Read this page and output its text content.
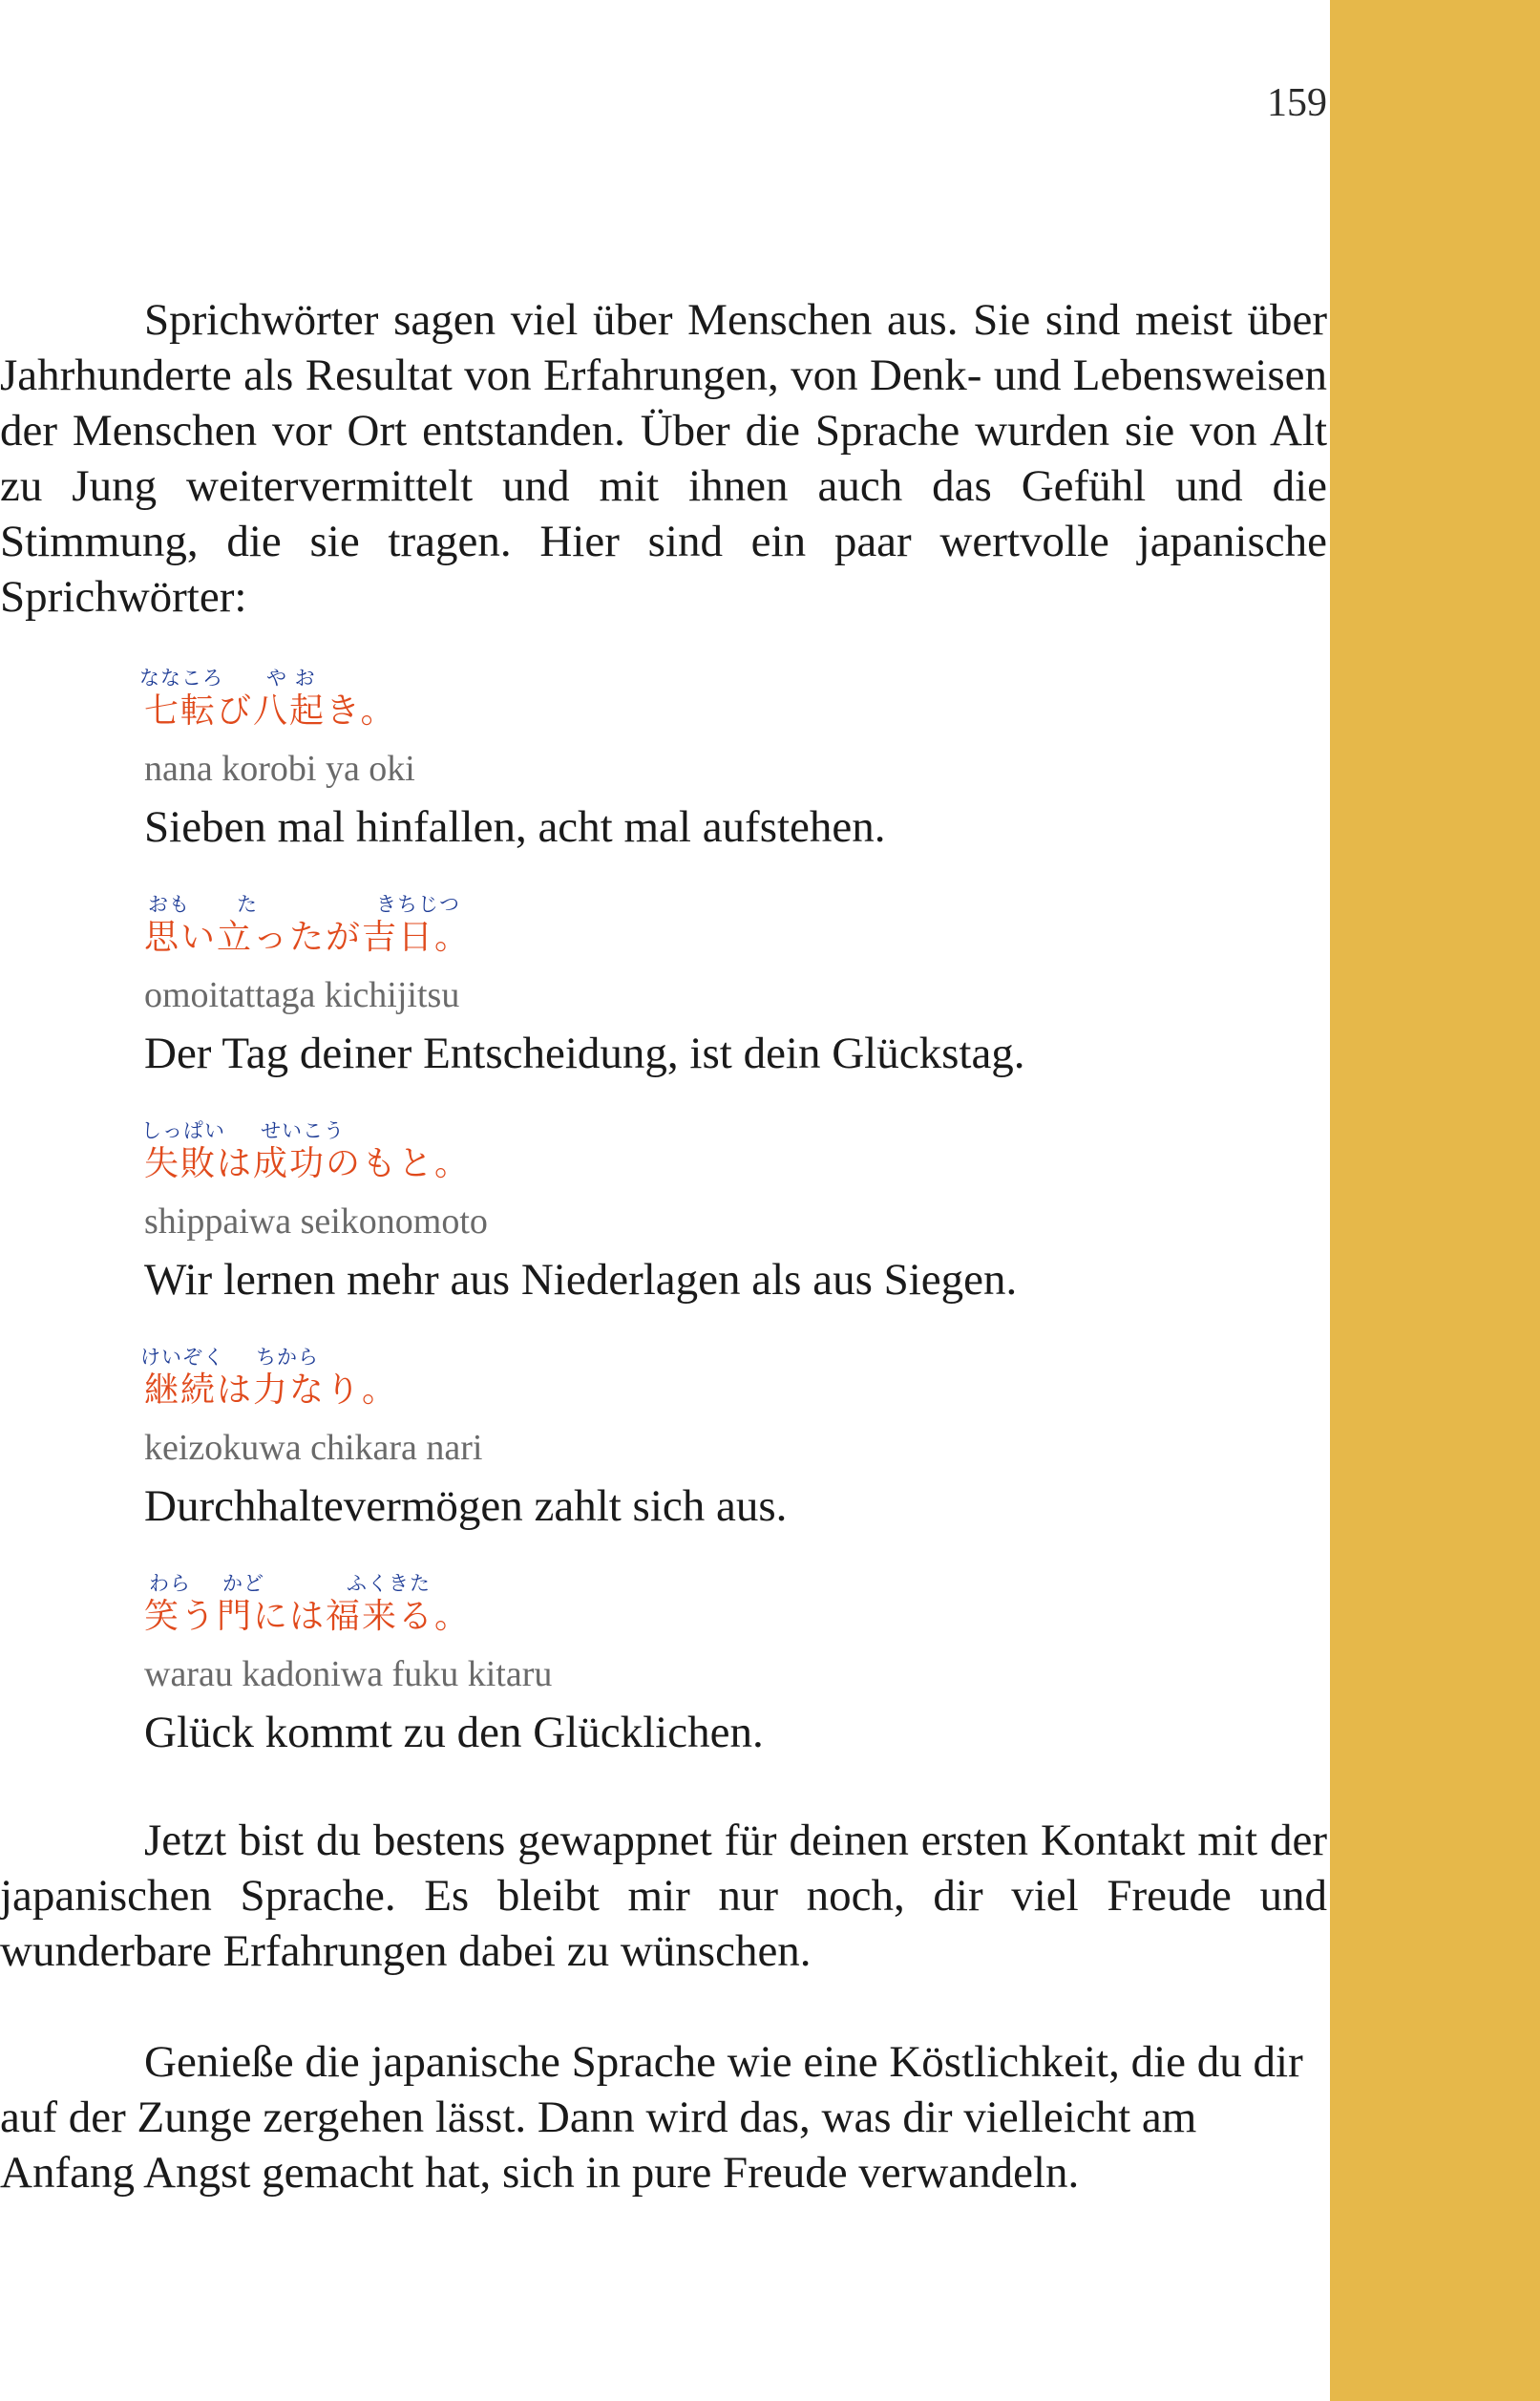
159

Sprichwörter sagen viel über Menschen aus. Sie sind meist über Jahrhunderte als Resultat von Erfahrungen, von Denk- und Lebensweisen der Menschen vor Ort entstanden. Über die Sprache wurden sie von Alt zu Jung weitervermittelt und mit ihnen auch das Gefühl und die Stimmung, die sie tragen. Hier sind ein paar wertvolle japanische Sprichwörter:

ななころ や お
七転び八起き。
nana korobi ya oki
Sieben mal hinfallen, acht mal aufstehen.
おも た	きちじつ
思い立ったが吉日。
omoitattaga kichijitsu
Der Tag deiner Entscheidung, ist dein Glückstag.
しっぱい せいこう
失敗は成功のもと。
shippaiwa seikonomoto
Wir lernen mehr aus Niederlagen als aus Siegen.
けいぞく ちから
継続は力なり。
keizokuwa chikara nari
Durchhaltevermögen zahlt sich aus.
わら かど	ふくきた
笑う門には福来る。
warau kadoniwa fuku kitaru
Glück kommt zu den Glücklichen.

Jetzt bist du bestens gewappnet für deinen ersten Kontakt mit der japanischen Sprache. Es bleibt mir nur noch, dir viel Freude und wunderbare Erfahrungen dabei zu wünschen.

Genieße die japanische Sprache wie eine Köstlichkeit, die du dir auf der Zunge zergehen lässt. Dann wird das, was dir vielleicht am Anfang Angst gemacht hat, sich in pure Freude verwandeln.
